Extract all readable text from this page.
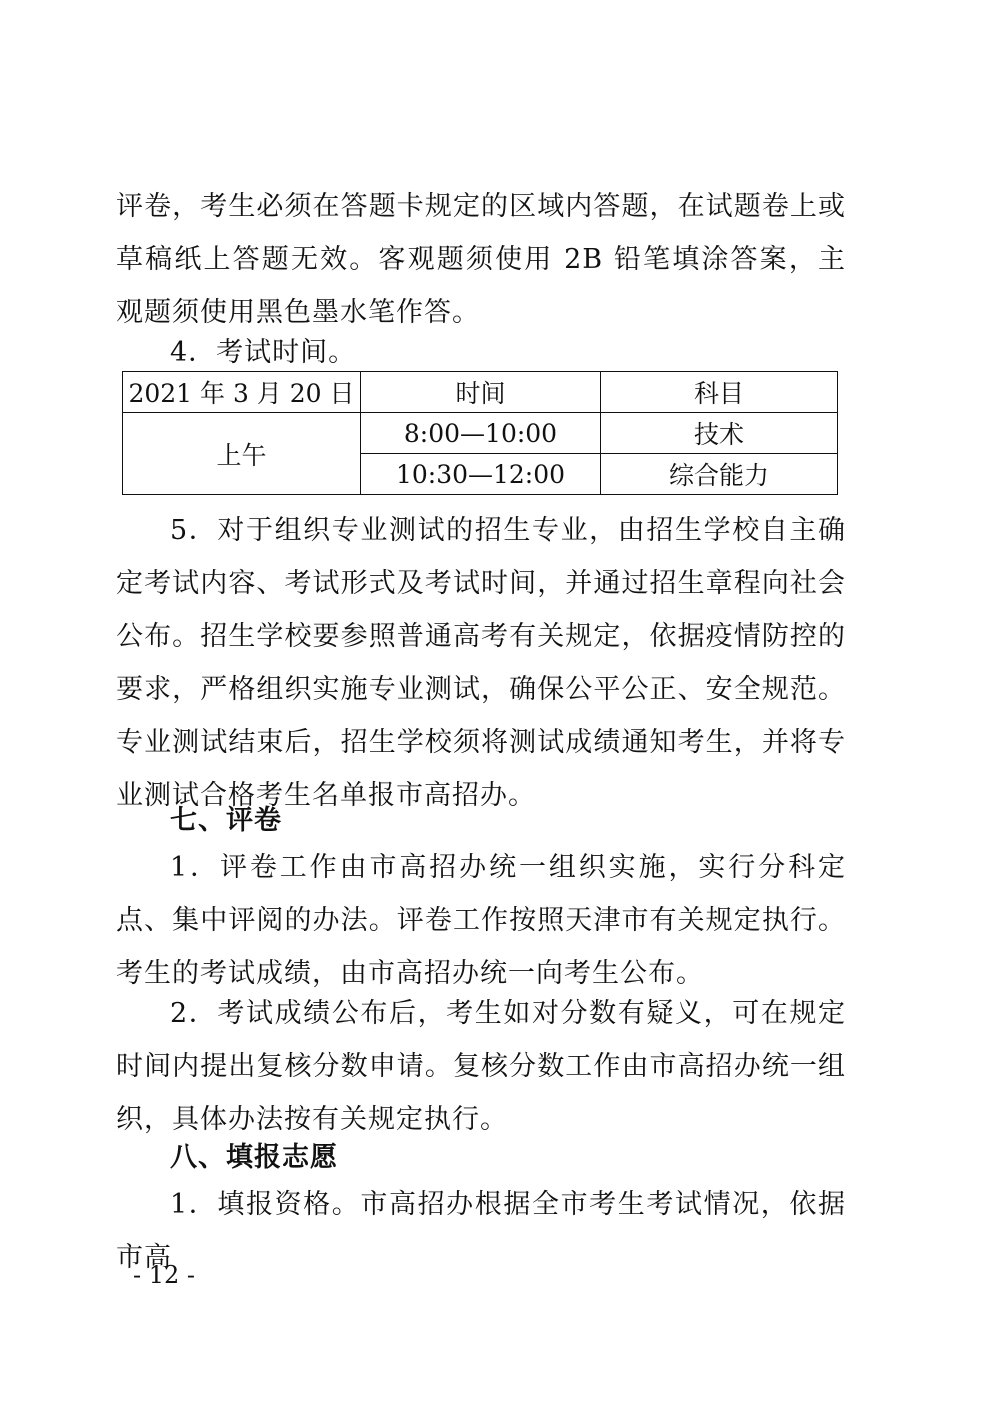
评卷，考生必须在答题卡规定的区域内答题，在试题卷上或草稿纸上答题无效。客观题须使用 2B 铅笔填涂答案，主观题须使用黑色墨水笔作答。
4．考试时间。
2021 年 3 月 20 日	时间	科目
上午	8:00—10:00	技术
	10:30—12:00	综合能力
5．对于组织专业测试的招生专业，由招生学校自主确定考试内容、考试形式及考试时间，并通过招生章程向社会公布。招生学校要参照普通高考有关规定，依据疫情防控的要求，严格组织实施专业测试，确保公平公正、安全规范。专业测试结束后，招生学校须将测试成绩通知考生，并将专业测试合格考生名单报市高招办。
七、评卷
1．评卷工作由市高招办统一组织实施，实行分科定点、集中评阅的办法。评卷工作按照天津市有关规定执行。考生的考试成绩，由市高招办统一向考生公布。
2．考试成绩公布后，考生如对分数有疑义，可在规定时间内提出复核分数申请。复核分数工作由市高招办统一组织，具体办法按有关规定执行。
八、填报志愿
1．填报资格。市高招办根据全市考生考试情况，依据市高
- 12 -
